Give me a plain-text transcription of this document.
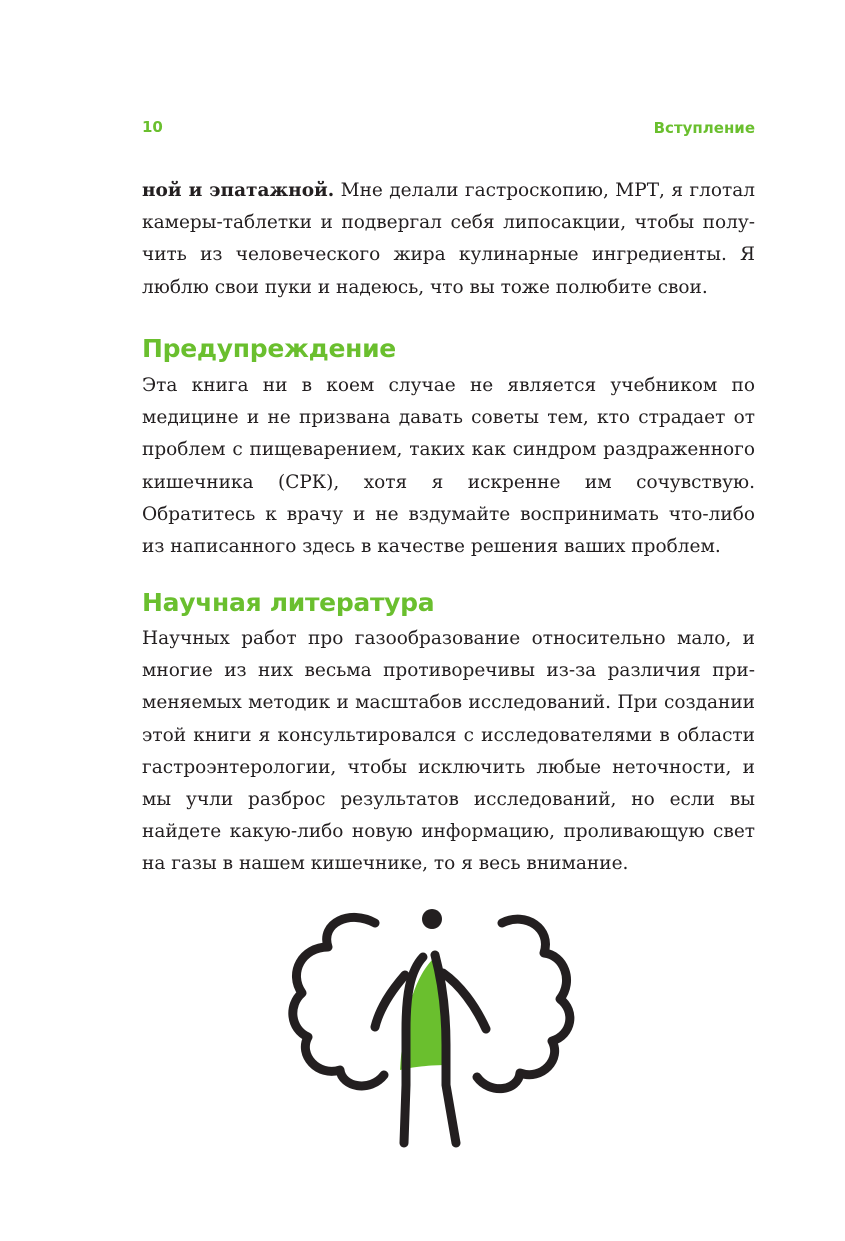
10	Вступление

ной и эпатажной. Мне делали гастроскопию, МРТ, я глотал камеры-таблетки и подвергал себя липосакции, чтобы получить из человеческого жира кулинарные ингредиенты. Я люблю свои пуки и надеюсь, что вы тоже полюбите свои.

Предупреждение

Эта книга ни в коем случае не является учебником по медицине и не призвана давать советы тем, кто страдает от проблем с пищеварением, таких как синдром раздраженного кишечника (СРК), хотя я искренне им сочувствую. Обратитесь к врачу и не вздумайте воспринимать что-либо из написанного здесь в качестве решения ваших проблем.

Научная литература

Научных работ про газообразование относительно мало, и многие из них весьма противоречивы из-за различия применяемых методик и масштабов исследований. При создании этой книги я консультировался с исследователями в области гастроэнтерологии, чтобы исключить любые неточности, и мы учли разброс результатов исследований, но если вы найдете какую-либо новую информацию, проливающую свет на газы в нашем кишечнике, то я весь внимание.
